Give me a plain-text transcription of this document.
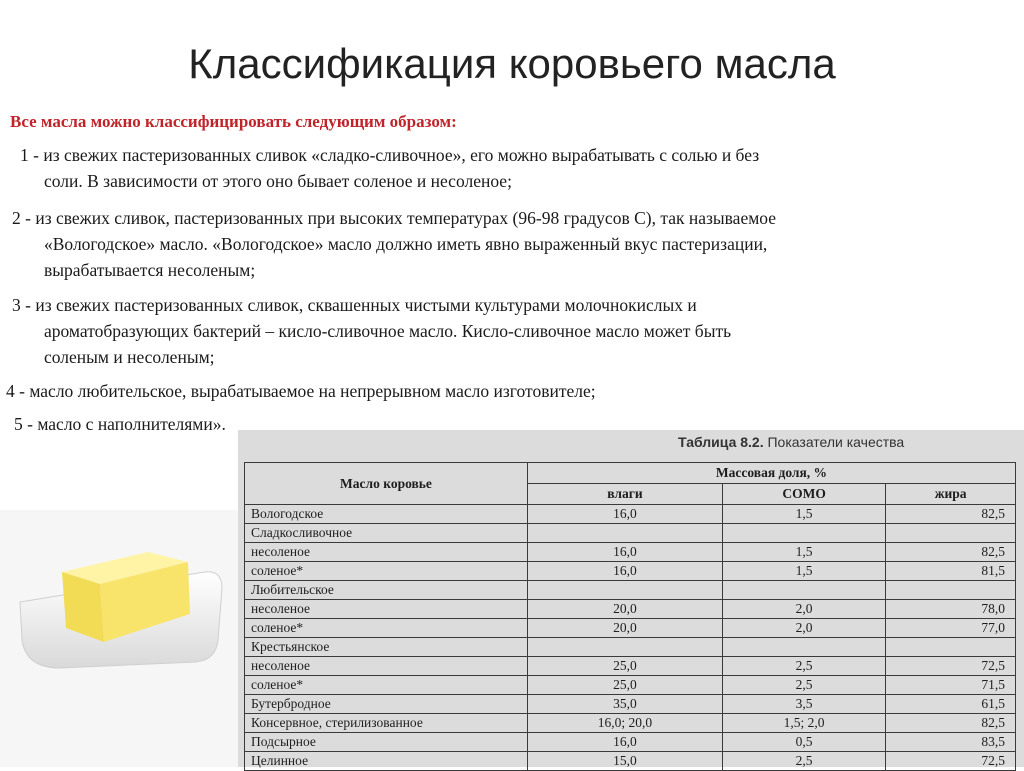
Классификация коровьего масла
Все масла можно классифицировать следующим образом:
1 - из свежих пастеризованных сливок «сладко-сливочное», его можно вырабатывать с солью и без
соли. В зависимости от этого оно бывает соленое и несоленое;
2 - из свежих сливок, пастеризованных при высоких температурах (96-98 градусов С), так называемое
«Вологодское» масло. «Вологодское» масло должно иметь явно выраженный вкус пастеризации,
вырабатывается несоленым;
3 - из свежих пастеризованных сливок, сквашенных чистыми культурами молочнокислых и
ароматобразующих бактерий – кисло-сливочное масло. Кисло-сливочное масло может быть
соленым и несоленым;
4 - масло любительское, вырабатываемое на непрерывном масло изготовителе;
5 - масло с наполнителями».
Таблица 8.2. Показатели качества
Масло коровье	Массовая доля, %		
	влаги	СОМО	жира
Вологодское	16,0	1,5	82,5
Сладкосливочное			
несоленое	16,0	1,5	82,5
соленое*	16,0	1,5	81,5
Любительское			
несоленое	20,0	2,0	78,0
соленое*	20,0	2,0	77,0
Крестьянское			
несоленое	25,0	2,5	72,5
соленое*	25,0	2,5	71,5
Бутербродное	35,0	3,5	61,5
Консервное, стерилизованное	16,0; 20,0	1,5; 2,0	82,5
Подсырное	16,0	0,5	83,5
Целинное	15,0	2,5	72,5
